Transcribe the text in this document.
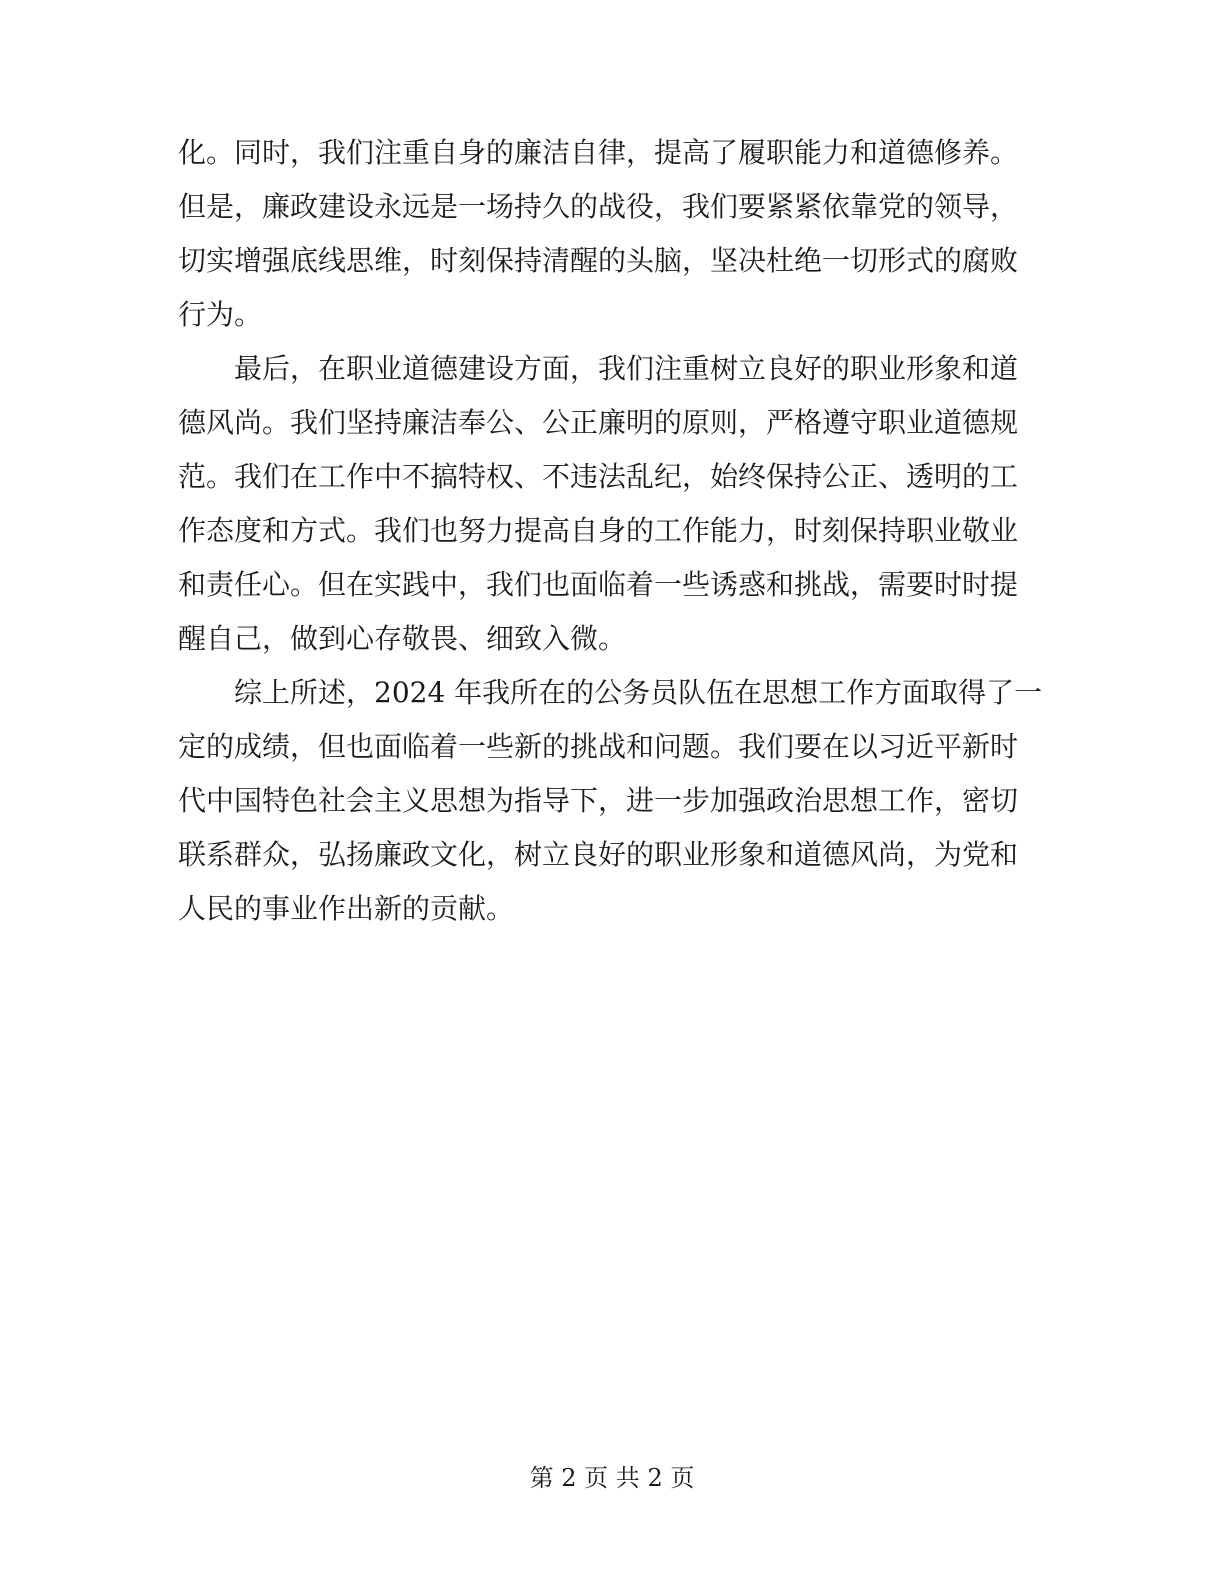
化。同时，我们注重自身的廉洁自律，提高了履职能力和道德修养。
但是，廉政建设永远是一场持久的战役，我们要紧紧依靠党的领导，
切实增强底线思维，时刻保持清醒的头脑，坚决杜绝一切形式的腐败
行为。
　　最后，在职业道德建设方面，我们注重树立良好的职业形象和道
德风尚。我们坚持廉洁奉公、公正廉明的原则，严格遵守职业道德规
范。我们在工作中不搞特权、不违法乱纪，始终保持公正、透明的工
作态度和方式。我们也努力提高自身的工作能力，时刻保持职业敬业
和责任心。但在实践中，我们也面临着一些诱惑和挑战，需要时时提
醒自己，做到心存敬畏、细致入微。
　　综上所述，2024 年我所在的公务员队伍在思想工作方面取得了一
定的成绩，但也面临着一些新的挑战和问题。我们要在以习近平新时
代中国特色社会主义思想为指导下，进一步加强政治思想工作，密切
联系群众，弘扬廉政文化，树立良好的职业形象和道德风尚，为党和
人民的事业作出新的贡献。
第 2 页 共 2 页
